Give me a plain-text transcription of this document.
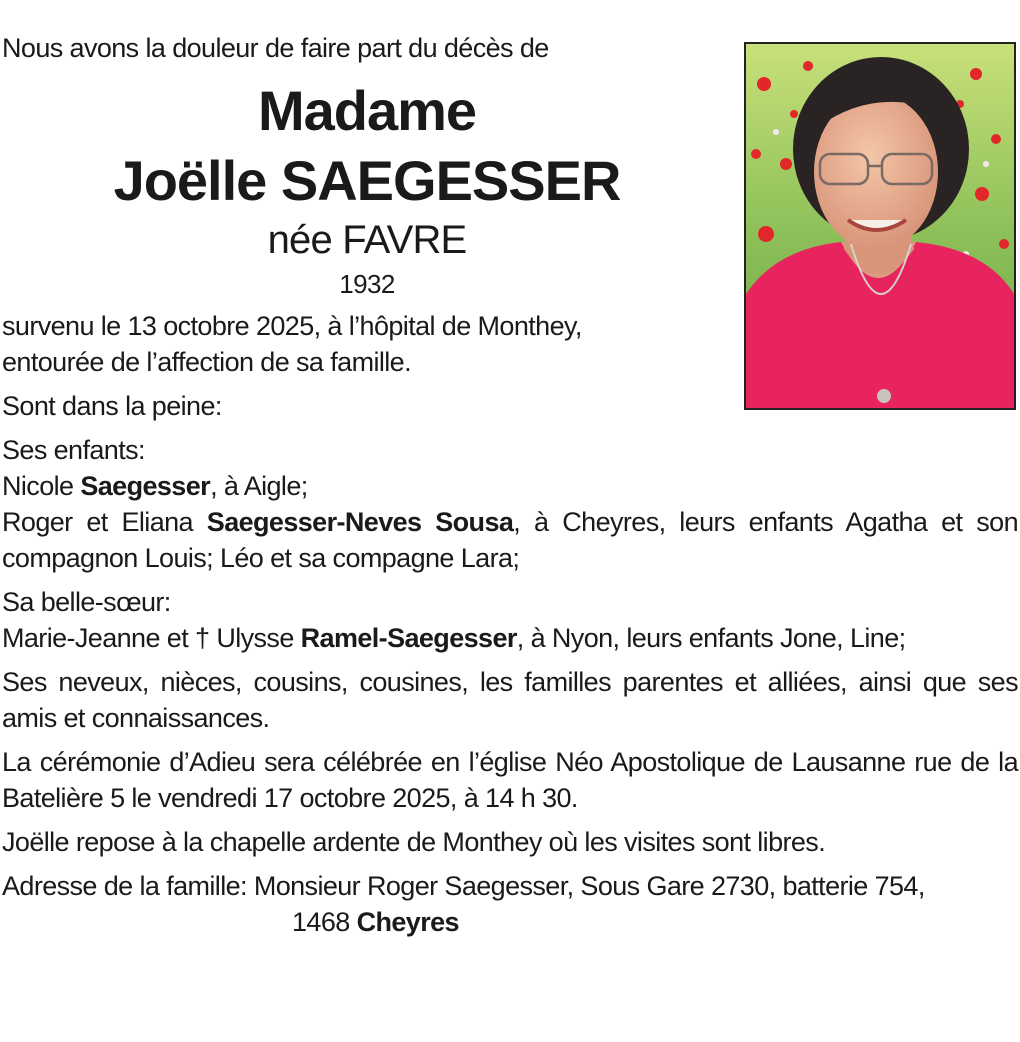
Nous avons la douleur de faire part du décès de
Madame
Joëlle SAEGESSER
née FAVRE
1932
survenu le 13 octobre 2025, à l’hôpital de Monthey,
entourée de l’affection de sa famille.
Sont dans la peine:
Ses enfants:
Nicole Saegesser, à Aigle;
Roger et Eliana Saegesser-Neves Sousa, à Cheyres, leurs enfants Agatha et son compagnon Louis; Léo et sa compagne Lara;
Sa belle-sœur:
Marie-Jeanne et † Ulysse Ramel-Saegesser, à Nyon, leurs enfants Jone, Line;
Ses neveux, nièces, cousins, cousines, les familles parentes et alliées, ainsi que ses amis et connaissances.
La cérémonie d’Adieu sera célébrée en l’église Néo Apostolique de Lausanne rue de la Batelière 5 le vendredi 17 octobre 2025, à 14 h 30.
Joëlle repose à la chapelle ardente de Monthey où les visites sont libres.
Adresse de la famille: Monsieur Roger Saegesser, Sous Gare 2730, batterie 754,
1468 Cheyres
